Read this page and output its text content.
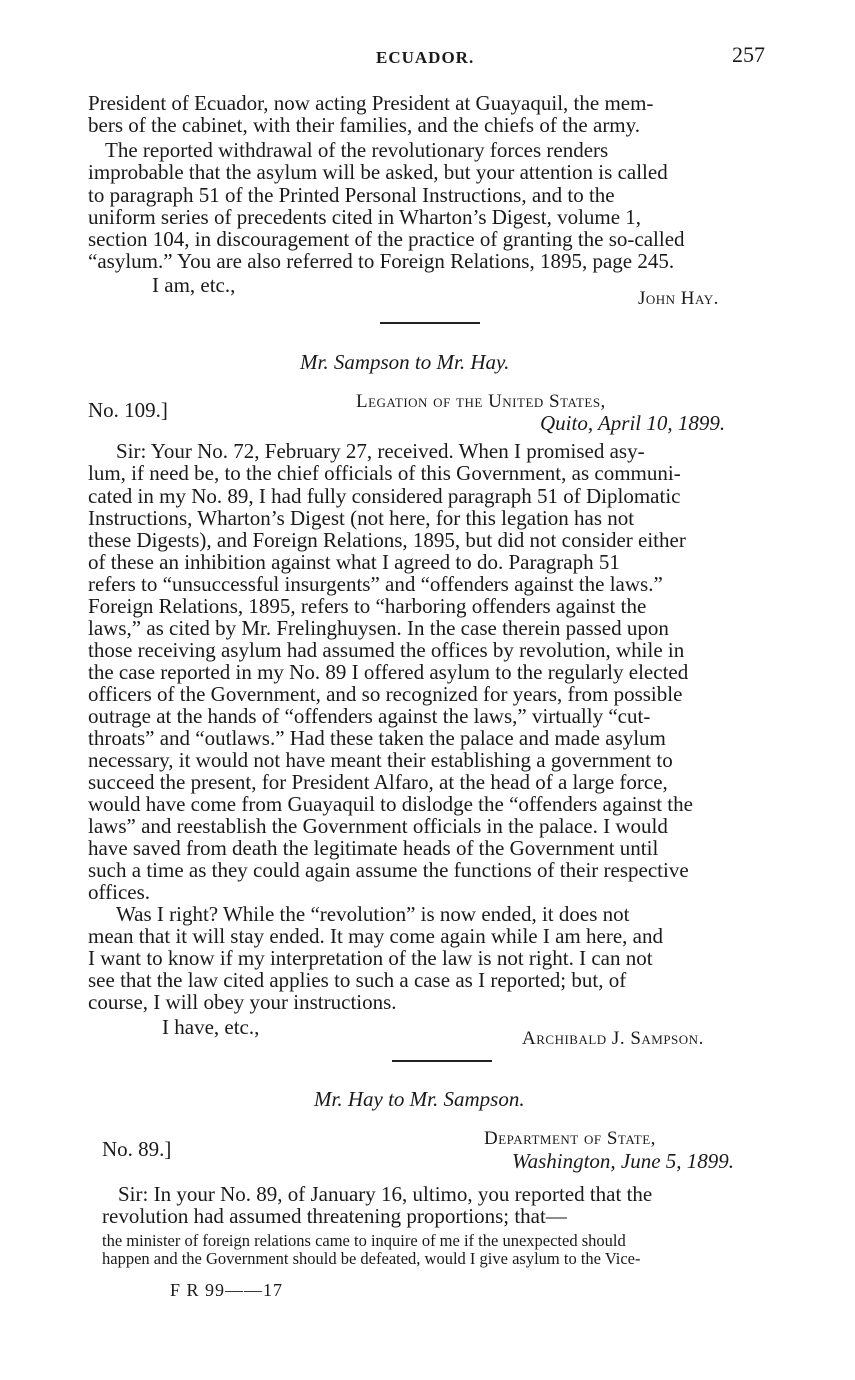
ECUADOR.	257
President of Ecuador, now acting President at Guayaquil, the mem-
bers of the cabinet, with their families, and the chiefs of the army.
The reported withdrawal of the revolutionary forces renders
improbable that the asylum will be asked, but your attention is called
to paragraph 51 of the Printed Personal Instructions, and to the
uniform series of precedents cited in Wharton’s Digest, volume 1,
section 104, in discouragement of the practice of granting the so-called
“asylum.” You are also referred to Foreign Relations, 1895, page 245.
I am, etc.,
John Hay.
Mr. Sampson to Mr. Hay.
No. 109.]	Legation of the United States,
Quito, April 10, 1899.
Sir: Your No. 72, February 27, received. When I promised asy-
lum, if need be, to the chief officials of this Government, as communi-
cated in my No. 89, I had fully considered paragraph 51 of Diplomatic
Instructions, Wharton’s Digest (not here, for this legation has not
these Digests), and Foreign Relations, 1895, but did not consider either
of these an inhibition against what I agreed to do. Paragraph 51
refers to “unsuccessful insurgents” and “offenders against the laws.”
Foreign Relations, 1895, refers to “harboring offenders against the
laws,” as cited by Mr. Frelinghuysen. In the case therein passed upon
those receiving asylum had assumed the offices by revolution, while in
the case reported in my No. 89 I offered asylum to the regularly elected
officers of the Government, and so recognized for years, from possible
outrage at the hands of “offenders against the laws,” virtually “cut-
throats” and “outlaws.” Had these taken the palace and made asylum
necessary, it would not have meant their establishing a government to
succeed the present, for President Alfaro, at the head of a large force,
would have come from Guayaquil to dislodge the “offenders against the
laws” and reestablish the Government officials in the palace. I would
have saved from death the legitimate heads of the Government until
such a time as they could again assume the functions of their respective
offices.
Was I right? While the “revolution” is now ended, it does not
mean that it will stay ended. It may come again while I am here, and
I want to know if my interpretation of the law is not right. I can not
see that the law cited applies to such a case as I reported; but, of
course, I will obey your instructions.
I have, etc.,	Archibald J. Sampson.
Mr. Hay to Mr. Sampson.
No. 89.]	Department of State,
Washington, June 5, 1899.
Sir: In your No. 89, of January 16, ultimo, you reported that the
revolution had assumed threatening proportions; that—
the minister of foreign relations came to inquire of me if the unexpected should
happen and the Government should be defeated, would I give asylum to the Vice-
F R 99——17
